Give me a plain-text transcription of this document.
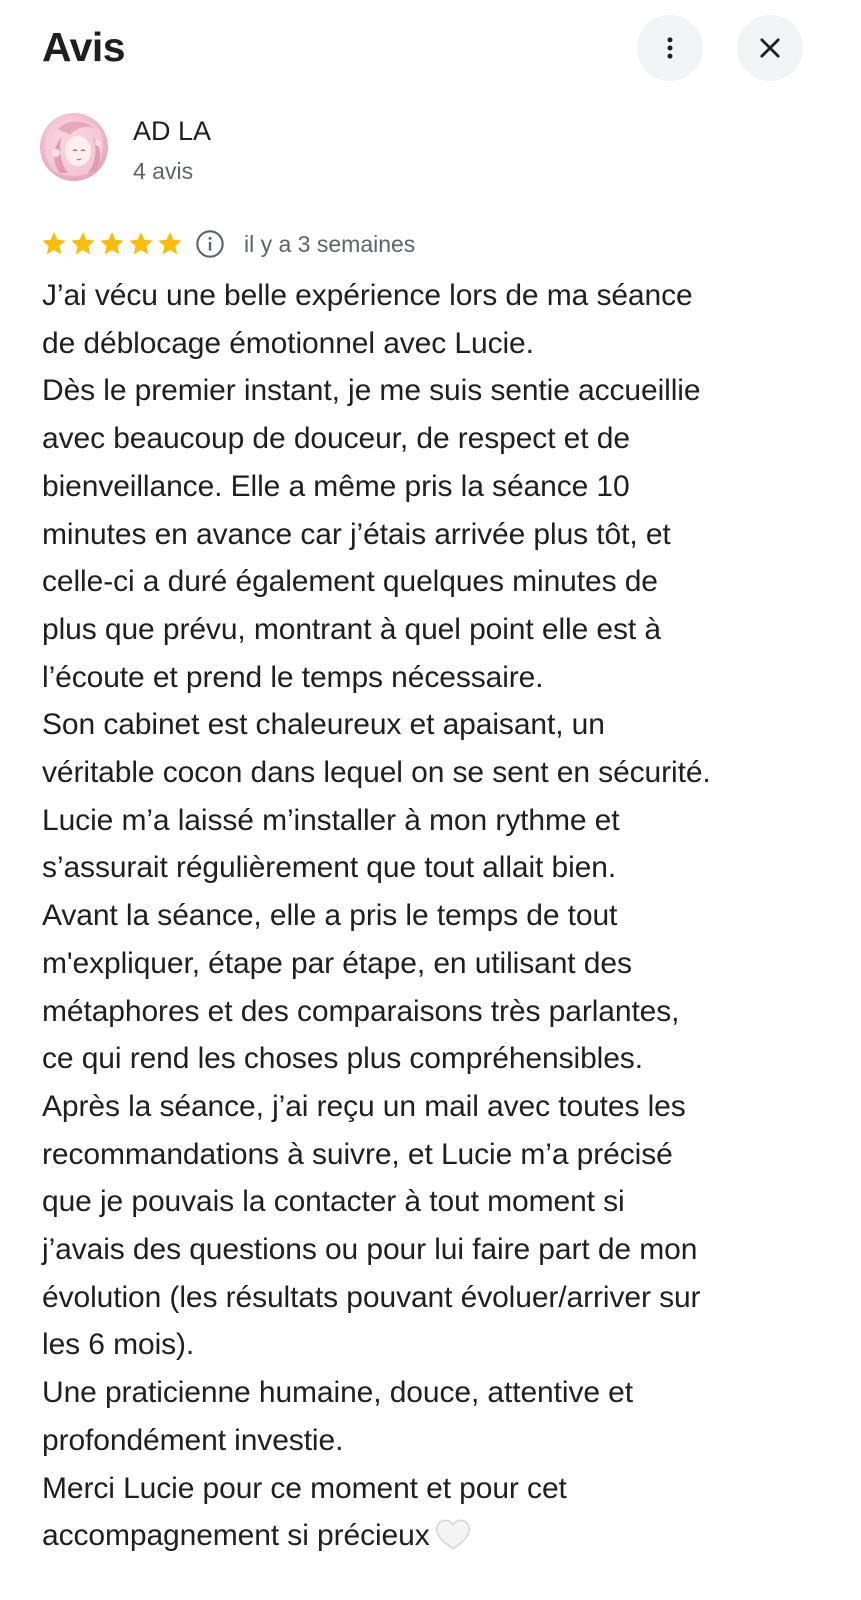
Avis
AD LA
4 avis
il y a 3 semaines
J’ai vécu une belle expérience lors de ma séance
de déblocage émotionnel avec Lucie.
Dès le premier instant, je me suis sentie accueillie
avec beaucoup de douceur, de respect et de
bienveillance. Elle a même pris la séance 10
minutes en avance car j’étais arrivée plus tôt, et
celle-ci a duré également quelques minutes de
plus que prévu, montrant à quel point elle est à
l’écoute et prend le temps nécessaire.
Son cabinet est chaleureux et apaisant, un
véritable cocon dans lequel on se sent en sécurité.
Lucie m’a laissé m’installer à mon rythme et
s’assurait régulièrement que tout allait bien.
Avant la séance, elle a pris le temps de tout
m'expliquer, étape par étape, en utilisant des
métaphores et des comparaisons très parlantes,
ce qui rend les choses plus compréhensibles.
Après la séance, j’ai reçu un mail avec toutes les
recommandations à suivre, et Lucie m’a précisé
que je pouvais la contacter à tout moment si
j’avais des questions ou pour lui faire part de mon
évolution (les résultats pouvant évoluer/arriver sur
les 6 mois).
Une praticienne humaine, douce, attentive et
profondément investie.
Merci Lucie pour ce moment et pour cet
accompagnement si précieux
